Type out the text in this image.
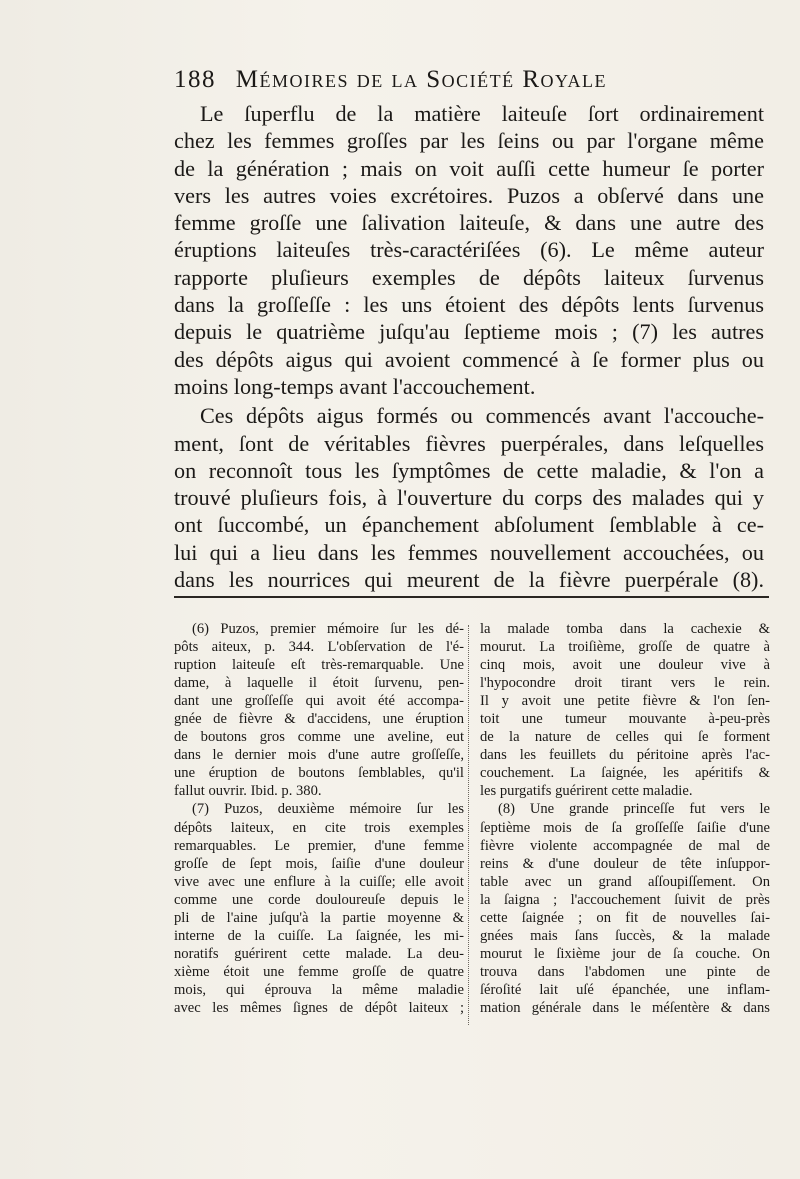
188 Mémoires de la Société Royale

Le ſuperflu de la matière laiteuſe ſort ordinairement
chez les femmes groſſes par les ſeins ou par l'organe même
de la génération ; mais on voit auſſi cette humeur ſe porter
vers les autres voies excrétoires. Puzos a obſervé dans une
femme groſſe une ſalivation laiteuſe, & dans une autre des
éruptions laiteuſes très-caractériſées (6). Le même auteur
rapporte pluſieurs exemples de dépôts laiteux ſurvenus
dans la groſſeſſe : les uns étoient des dépôts lents ſurvenus
depuis le quatrième juſqu'au ſeptieme mois ; (7) les autres
des dépôts aigus qui avoient commencé à ſe former plus ou
moins long-temps avant l'accouchement.

Ces dépôts aigus formés ou commencés avant l'accouche-
ment, ſont de véritables fièvres puerpérales, dans leſquelles
on reconnoît tous les ſymptômes de cette maladie, & l'on a
trouvé pluſieurs fois, à l'ouverture du corps des malades qui y
ont ſuccombé, un épanchement abſolument ſemblable à ce-
lui qui a lieu dans les femmes nouvellement accouchées, ou
dans les nourrices qui meurent de la fièvre puerpérale (8).

(6) Puzos, premier mémoire ſur les dé-
pôts aiteux, p. 344. L'obſervation de l'é-
ruption laiteuſe eſt très-remarquable. Une
dame, à laquelle il étoit ſurvenu, pen-
dant une groſſeſſe qui avoit été accompa-
gnée de fièvre & d'accidens, une éruption
de boutons gros comme une aveline, eut
dans le dernier mois d'une autre groſſeſſe,
une éruption de boutons ſemblables, qu'il
fallut ouvrir. Ibid. p. 380.
(7) Puzos, deuxième mémoire ſur les
dépôts laiteux, en cite trois exemples
remarquables. Le premier, d'une femme
groſſe de ſept mois, ſaiſie d'une douleur
vive avec une enflure à la cuiſſe; elle avoit
comme une corde douloureuſe depuis le
pli de l'aine juſqu'à la partie moyenne &
interne de la cuiſſe. La ſaignée, les mi-
noratifs guérirent cette malade. La deu-
xième étoit une femme groſſe de quatre
mois, qui éprouva la même maladie
avec les mêmes ſignes de dépôt laiteux ;
la malade tomba dans la cachexie &
mourut. La troiſième, groſſe de quatre à
cinq mois, avoit une douleur vive à
l'hypocondre droit tirant vers le rein.
Il y avoit une petite fièvre & l'on ſen-
toit une tumeur mouvante à-peu-près
de la nature de celles qui ſe forment
dans les feuillets du péritoine après l'ac-
couchement. La ſaignée, les apéritifs &
les purgatifs guérirent cette maladie.
(8) Une grande princeſſe fut vers le
ſeptième mois de ſa groſſeſſe ſaiſie d'une
fièvre violente accompagnée de mal de
reins & d'une douleur de tête inſuppor-
table avec un grand aſſoupiſſement. On
la ſaigna ; l'accouchement ſuivit de près
cette ſaignée ; on fit de nouvelles ſai-
gnées mais ſans ſuccès, & la malade
mourut le ſixième jour de ſa couche. On
trouva dans l'abdomen une pinte de
ſéroſité lait uſé épanchée, une inflam-
mation générale dans le méſentère & dans
